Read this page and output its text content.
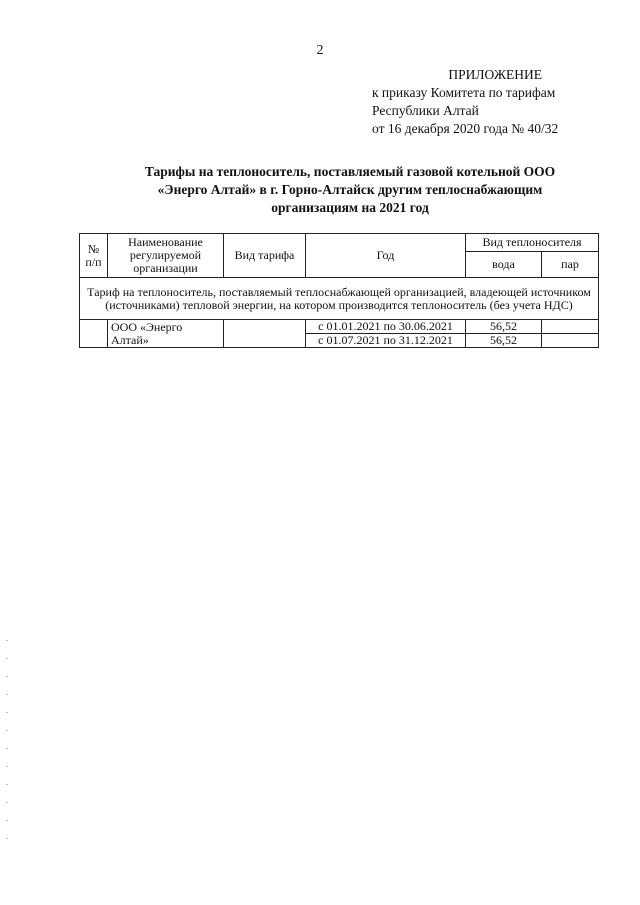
2
ПРИЛОЖЕНИЕ
к приказу Комитета по тарифам
Республики Алтай
от 16 декабря 2020 года № 40/32
Тарифы на теплоноситель, поставляемый газовой котельной ООО
«Энерго Алтай» в г. Горно-Алтайск другим теплоснабжающим
организациям на 2021 год
№ п/п	Наименование регулируемой организации	Вид тарифа	Год	Вид теплоносителя	
				вода	пар
Тариф на теплоноситель, поставляемый теплоснабжающей организацией, владеющей источником (источниками) тепловой энергии, на котором производится теплоноситель (без учета НДС)					
	ООО «Энерго Алтай»		с 01.01.2021 по 30.06.2021	56,52	
			с 01.07.2021 по 31.12.2021	56,52	
